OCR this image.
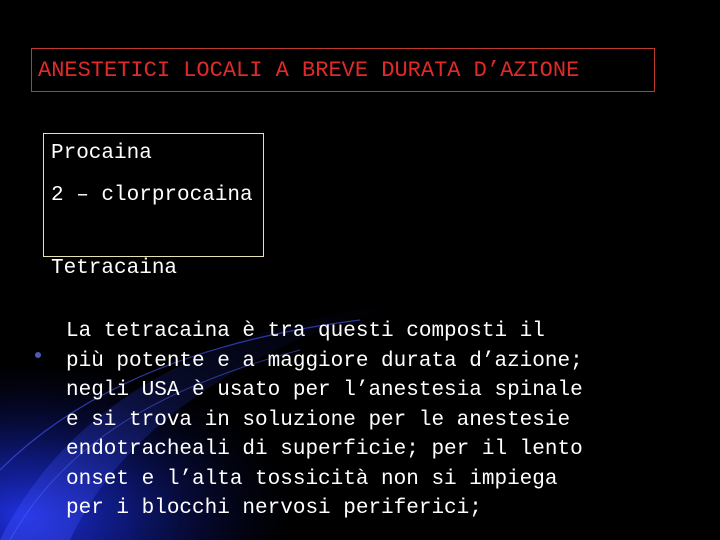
ANESTETICI LOCALI A BREVE DURATA D’AZIONE
Procaina
2 – clorprocaina
Tetracaina
La tetracaina è tra questi composti il
più potente e a maggiore durata d’azione;
negli USA è usato per l’anestesia spinale
e si trova in soluzione per le anestesie
endotracheali di superficie; per il lento
onset e l’alta tossicità non si impiega
per i blocchi nervosi periferici;
